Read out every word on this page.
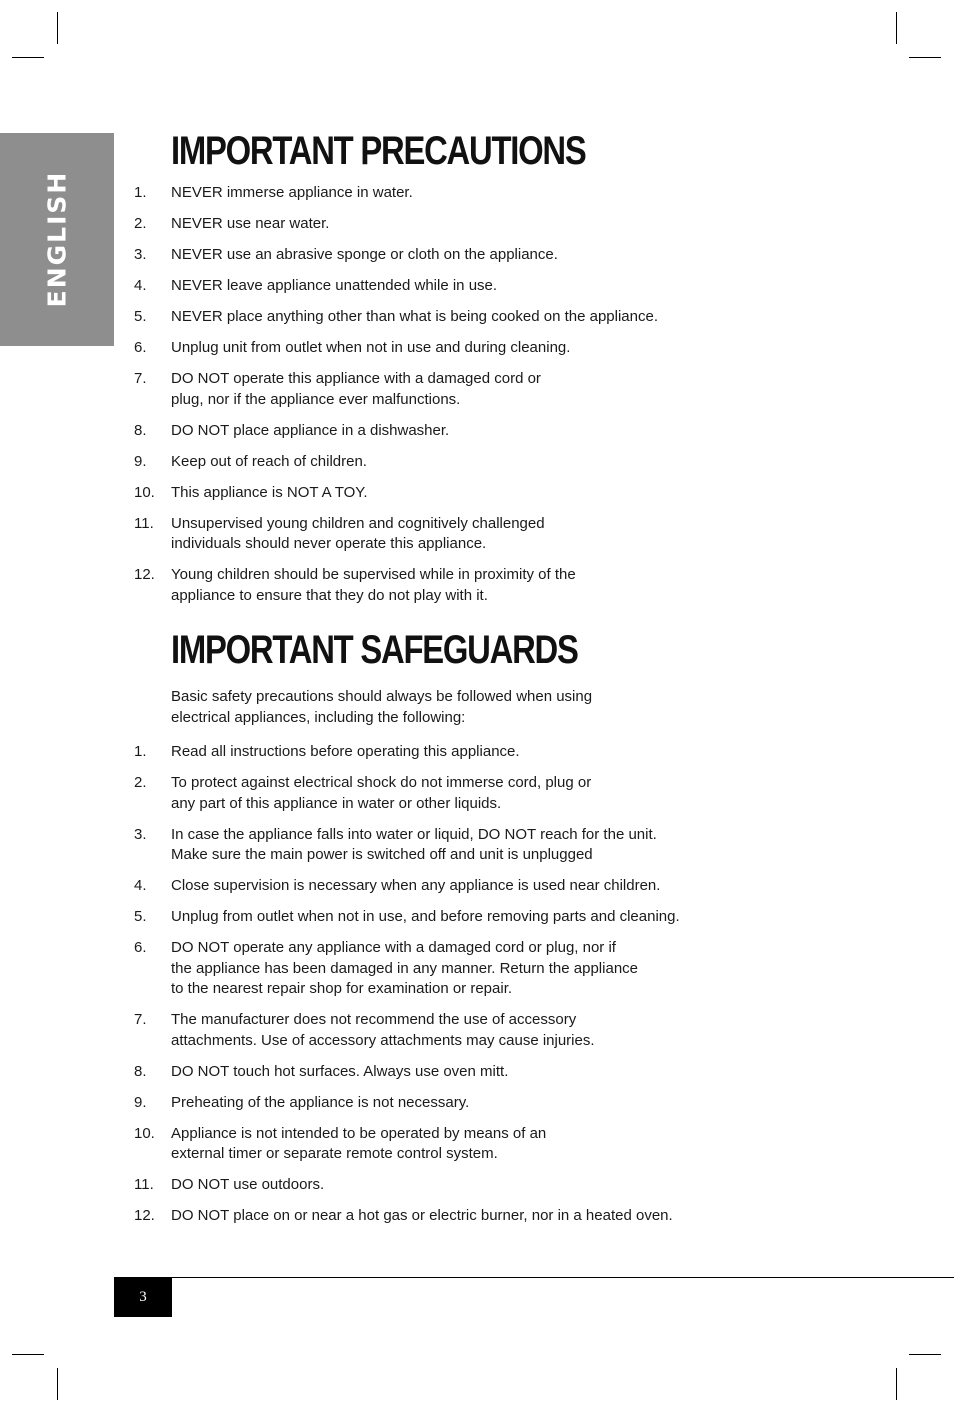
ENGLISH
IMPORTANT PRECAUTIONS
1.	NEVER immerse appliance in water.
2.	NEVER use near water.
3.	NEVER use an abrasive sponge or cloth on the appliance.
4.	NEVER leave appliance unattended while in use.
5.	NEVER place anything other than what is being cooked on the appliance.
6.	Unplug unit from outlet when not in use and during cleaning.
7.	DO NOT operate this appliance with a damaged cord or
plug, nor if the appliance ever malfunctions.
8.	DO NOT place appliance in a dishwasher.
9.	Keep out of reach of children.
10.	This appliance is NOT A TOY.
11.	Unsupervised young children and cognitively challenged
individuals should never operate this appliance.
12.	Young children should be supervised while in proximity of the
appliance to ensure that they do not play with it.
IMPORTANT SAFEGUARDS

Basic safety precautions should always be followed when using
electrical appliances, including the following:

1.	Read all instructions before operating this appliance.
2.	To protect against electrical shock do not immerse cord, plug or
any part of this appliance in water or other liquids.
3.	In case the appliance falls into water or liquid, DO NOT reach for the unit.
Make sure the main power is switched off and unit is unplugged
4.	Close supervision is necessary when any appliance is used near children.
5.	Unplug from outlet when not in use, and before removing parts and cleaning.
6.	DO NOT operate any appliance with a damaged cord or plug, nor if
the appliance has been damaged in any manner. Return the appliance
to the nearest repair shop for examination or repair.
7.	The manufacturer does not recommend the use of accessory
attachments. Use of accessory attachments may cause injuries.
8.	DO NOT touch hot surfaces. Always use oven mitt.
9.	Preheating of the appliance is not necessary.
10.	Appliance is not intended to be operated by means of an
external timer or separate remote control system.
11.	DO NOT use outdoors.
12.	DO NOT place on or near a hot gas or electric burner, nor in a heated oven.
3
